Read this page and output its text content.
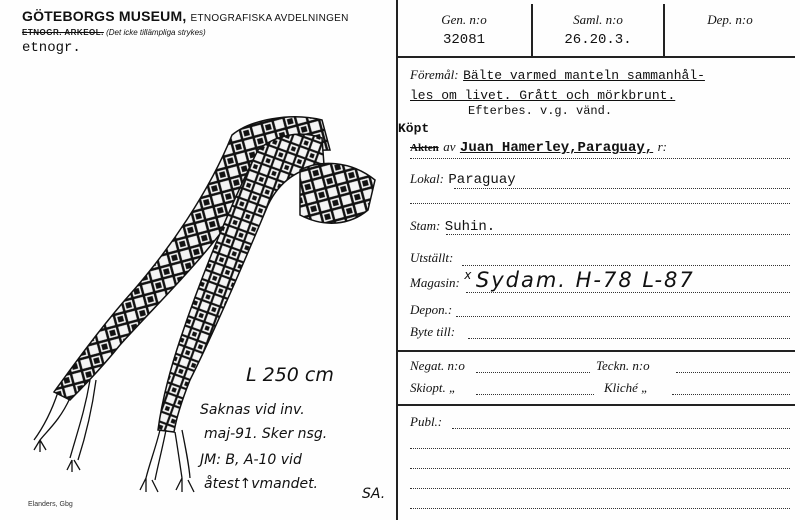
GÖTEBORGS MUSEUM, ETNOGRAFISKA AVDELNINGEN
ETNOGR. ARKEOL. (Det icke tillämpliga strykes)
etnogr.
L 250 cm
Saknas vid inv.
maj-91. Sker nsg.
JM: B, A-10 vid
åtest↑vmandet.
SA.
Elanders, Gbg
Gen. n:o
32081
Saml. n:o
26.20.3.
Dep. n:o
Föremål: Bälte varmed manteln sammanhål-
les om livet. Grått och mörkbrunt.
Efterbes. v.g. vänd.
Köpt
Akten av Juan Hamerley,Paraguay, r:
Lokal: Paraguay
Stam: Suhin.
Utställt:
Magasin: $^x$ Sydam. H-78 L-87
Depon.:
Byte till:
Negat. n:o	Teckn. n:o
Skiopt. „	Kliché „
Publ.:
